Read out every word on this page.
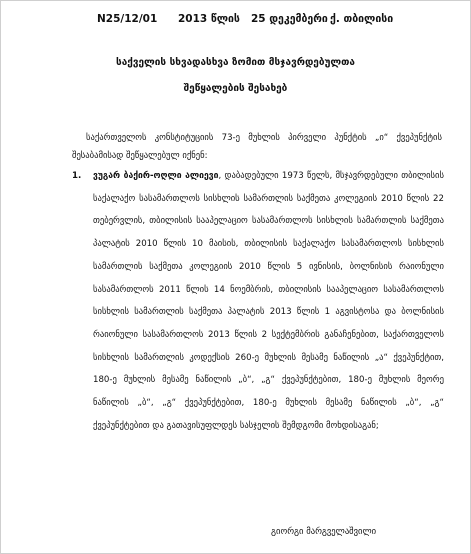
N25/12/01 2013 წლის 25 დეკემბერი ქ. თბილისი
საქველის სხვადასხვა ზომით მსჯავრდებულთა
შეწყალების შესახებ
საქართველოს კონსტიტუციის 73-ე მუხლის პირველი პუნქტის „ი“ ქვეპუნქტის შესაბამისად შეწყალებულ იქნენ:
1. ვუგარ ბაქირ-ოღლი ალიევი, დაბადებული 1973 წელს, მსჯავრდებული თბილისის საქალაქო სასამართლოს სისხლის სამართლის საქმეთა კოლეგიის 2010 წლის 22 თებერვლის, თბილისის სააპელაციო სასამართლოს სისხლის სამართლის საქმეთა პალატის 2010 წლის 10 მაისის, თბილისის საქალაქო სასამართლოს სისხლის სამართლის საქმეთა კოლეგიის 2010 წლის 5 ივნისის, ბოლნისის რაიონული სასამართლოს 2011 წლის 14 ნოემბრის, თბილისის სააპელაციო სასამართლოს სისხლის სამართლის საქმეთა პალატის 2013 წლის 1 აგვისტოსა და ბოლნისის რაიონული სასამართლოს 2013 წლის 2 სექტემბრის განაჩენებით, საქართველოს სისხლის სამართლის კოდექსის 260-ე მუხლის მესამე ნაწილის „ა“ ქვეპუნქტით, 180-ე მუხლის მესამე ნაწილის „ბ“, „გ“ ქვეპუნქტებით, 180-ე მუხლის მეორე ნაწილის „ბ“, „გ“ ქვეპუნქტებით, 180-ე მუხლის მესამე ნაწილის „ბ“, „გ“ ქვეპუნქტებით და გათავისუფლდეს სასჯელის შემდგომი მოხდისაგან;
გიორგი მარგველაშვილი
